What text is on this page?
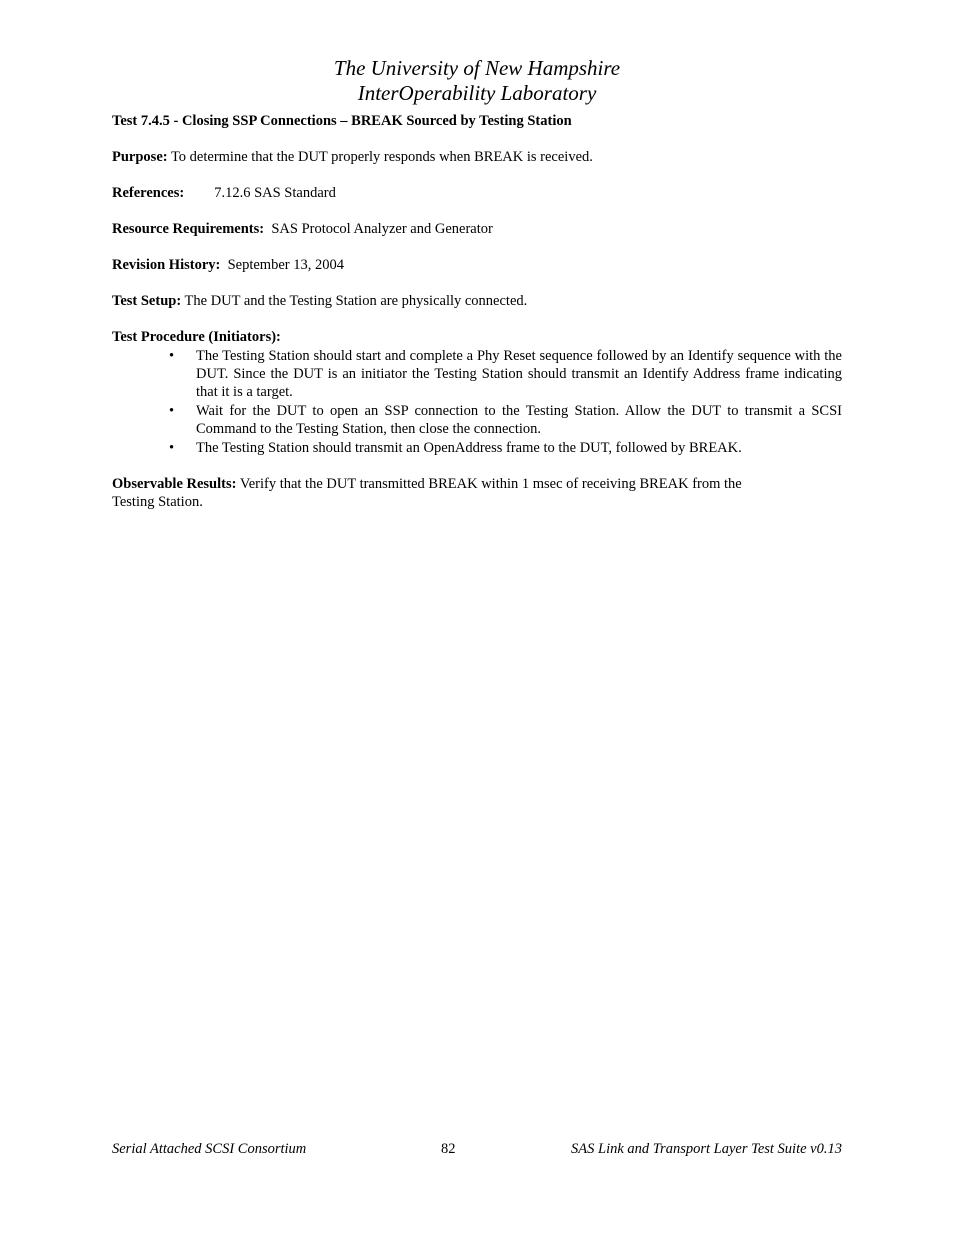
The University of New Hampshire
InterOperability Laboratory
Test 7.4.5 - Closing SSP Connections – BREAK Sourced by Testing Station
Purpose: To determine that the DUT properly responds when BREAK is received.
References: 7.12.6 SAS Standard
Resource Requirements:  SAS Protocol Analyzer and Generator
Revision History:  September 13, 2004
Test Setup: The DUT and the Testing Station are physically connected.
Test Procedure (Initiators):
• The Testing Station should start and complete a Phy Reset sequence followed by an Identify sequence with the DUT. Since the DUT is an initiator the Testing Station should transmit an Identify Address frame indicating that it is a target.
• Wait for the DUT to open an SSP connection to the Testing Station. Allow the DUT to transmit a SCSI Command to the Testing Station, then close the connection.
• The Testing Station should transmit an OpenAddress frame to the DUT, followed by BREAK.
Observable Results: Verify that the DUT transmitted BREAK within 1 msec of receiving BREAK from the
Testing Station.
Serial Attached SCSI Consortium	82	SAS Link and Transport Layer Test Suite v0.13
